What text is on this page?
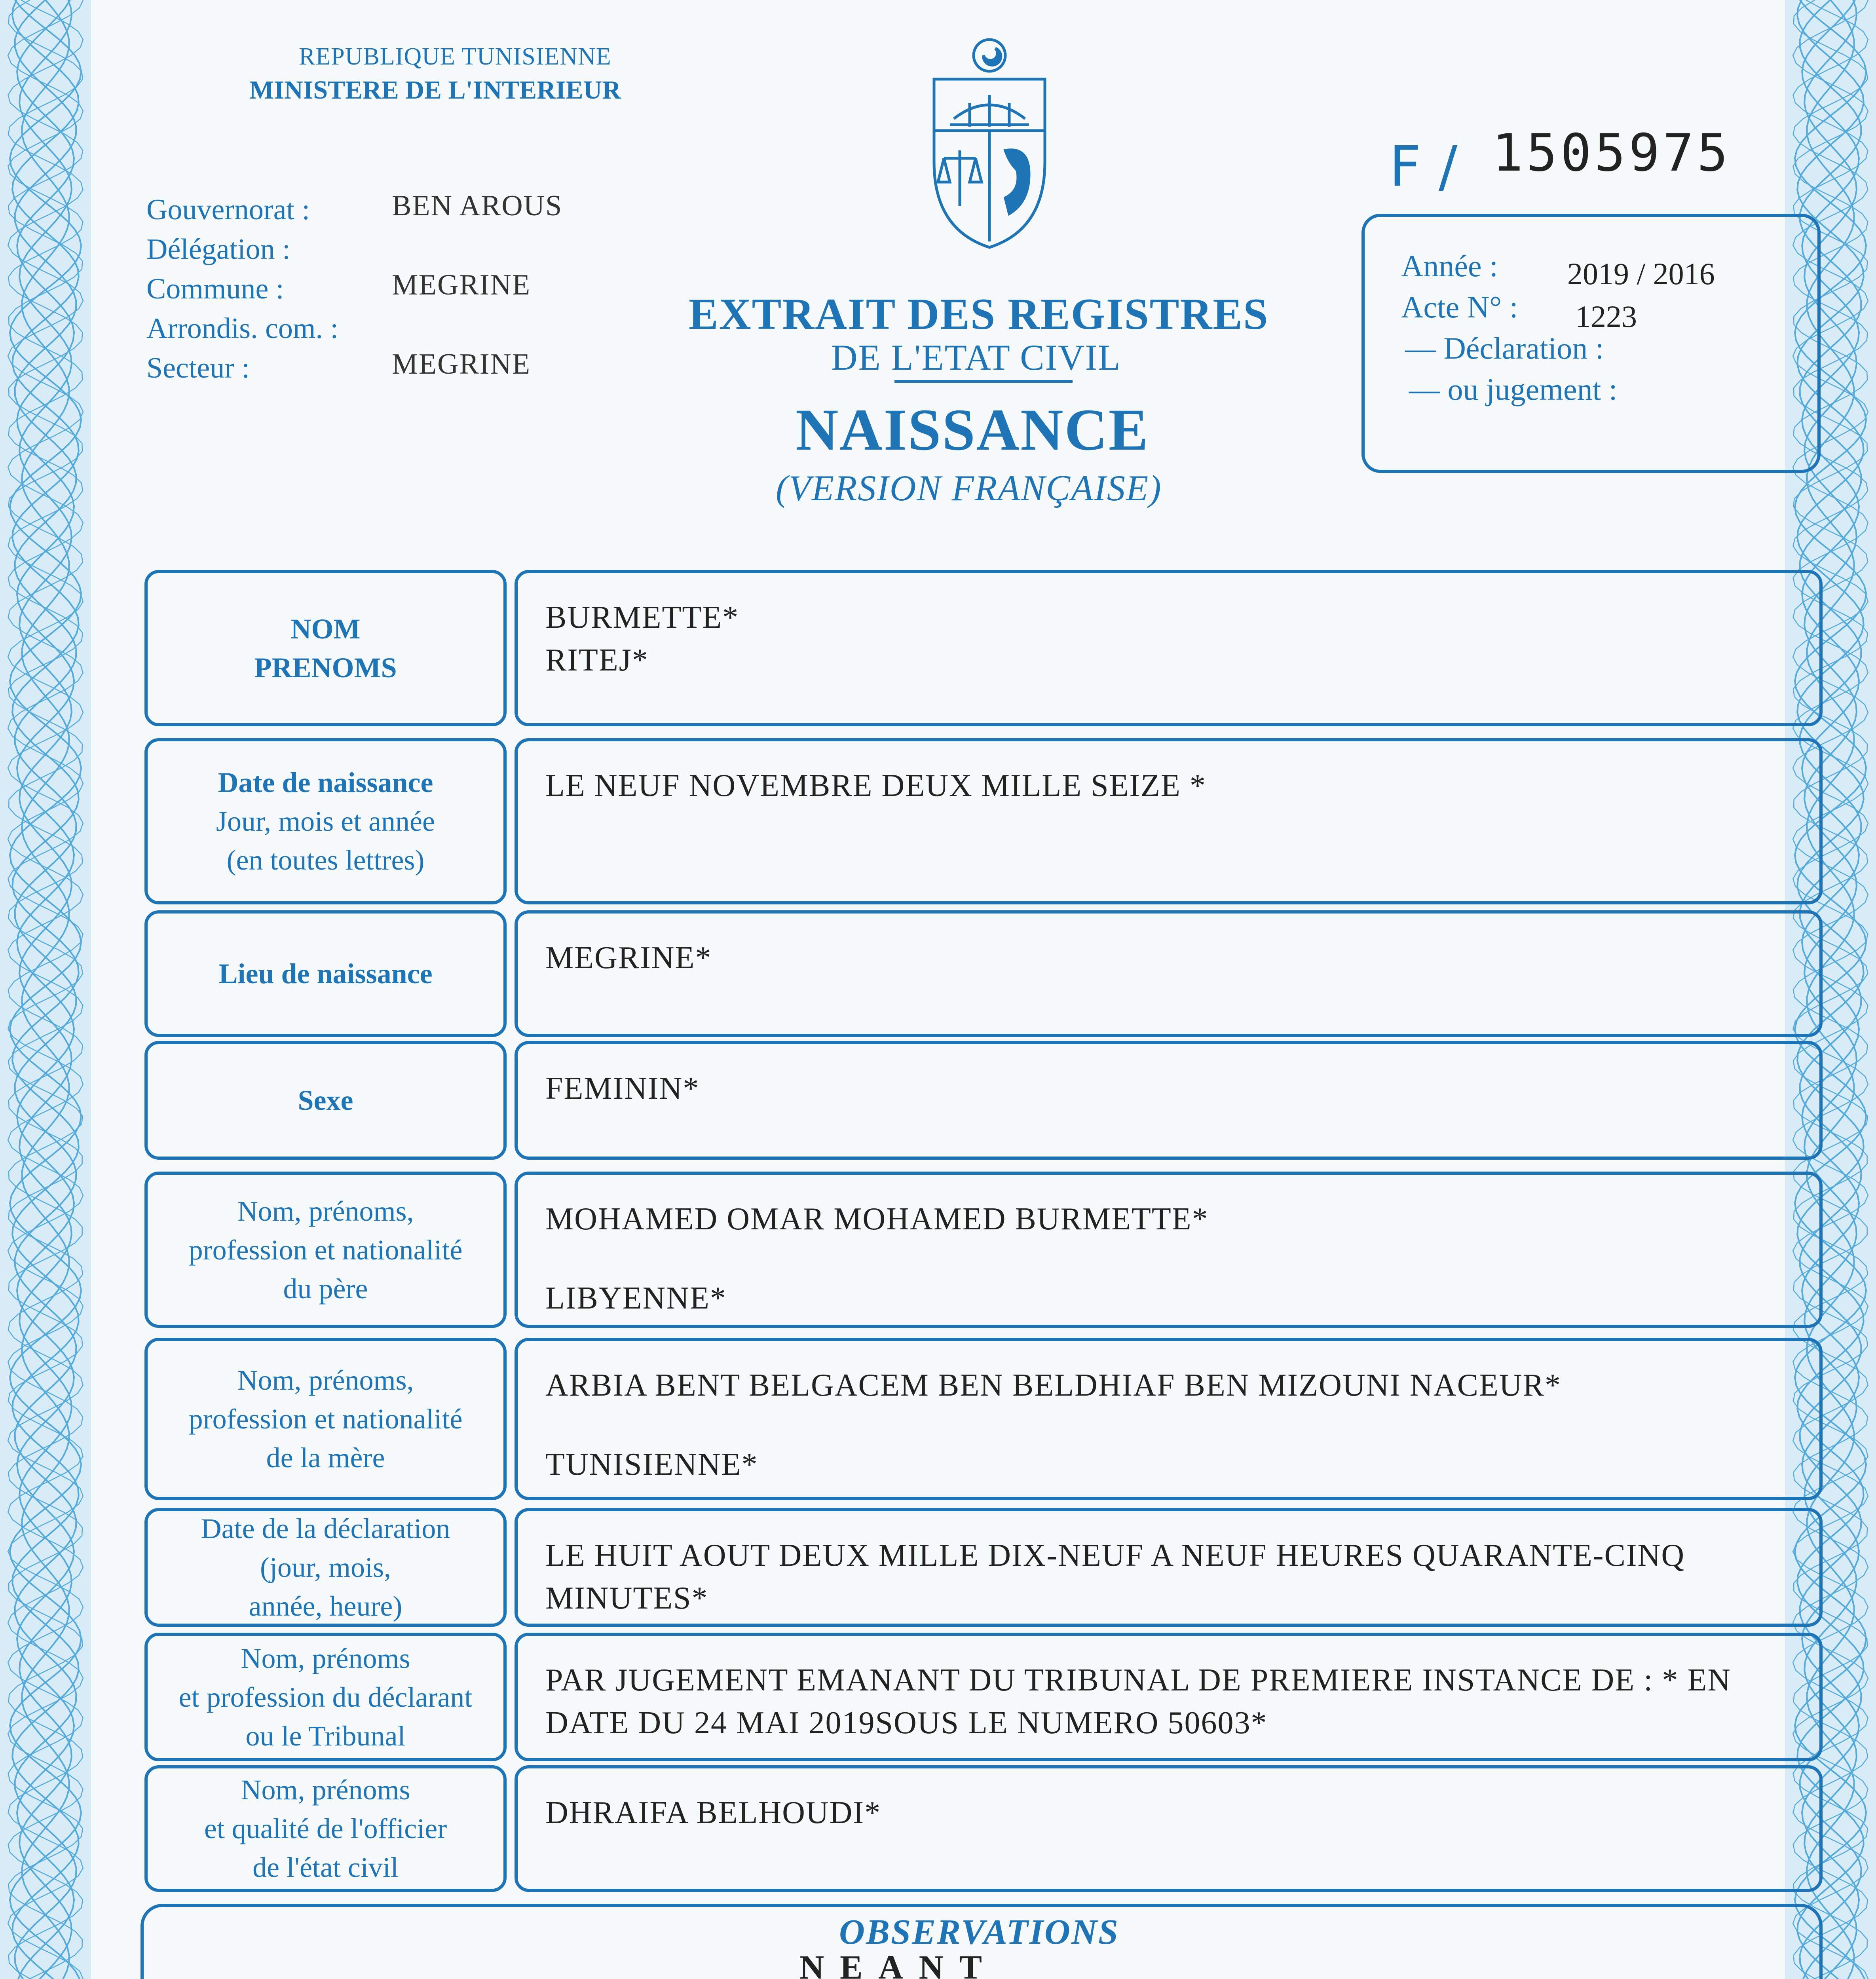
REPUBLIQUE TUNISIENNE
MINISTERE DE L'INTERIEUR
Gouvernorat :
Délégation :
Commune :
Arrondis. com. :
Secteur :
BEN AROUS
MEGRINE
MEGRINE
EXTRAIT DES REGISTRES
DE L'ETAT CIVIL
NAISSANCE
(VERSION FRANÇAISE)
F / 1505975
Année :
Acte N° :
— Déclaration :
— ou jugement :
2019 / 2016
1223
NOM
PRENOMS
BURMETTE*
RITEJ*
Date de naissance
Jour, mois et année
(en toutes lettres)
LE NEUF NOVEMBRE DEUX MILLE SEIZE *
Lieu de naissance	MEGRINE*
Sexe	FEMININ*
Nom, prénoms,
profession et nationalité
du père
MOHAMED OMAR MOHAMED BURMETTE*
LIBYENNE*
Nom, prénoms,
profession et nationalité
de la mère
ARBIA BENT BELGACEM BEN BELDHIAF BEN MIZOUNI NACEUR*
TUNISIENNE*
Date de la déclaration
(jour, mois,
année, heure)
LE HUIT AOUT DEUX MILLE DIX-NEUF A NEUF HEURES QUARANTE-CINQ
MINUTES*
Nom, prénoms
et profession du déclarant
ou le Tribunal
PAR JUGEMENT EMANANT DU TRIBUNAL DE PREMIERE INSTANCE DE : * EN
DATE DU 24 MAI 2019SOUS LE NUMERO 50603*
Nom, prénoms
et qualité de l'officier
de l'état civil
DHRAIFA BELHOUDI*
OBSERVATIONS
NEANT
